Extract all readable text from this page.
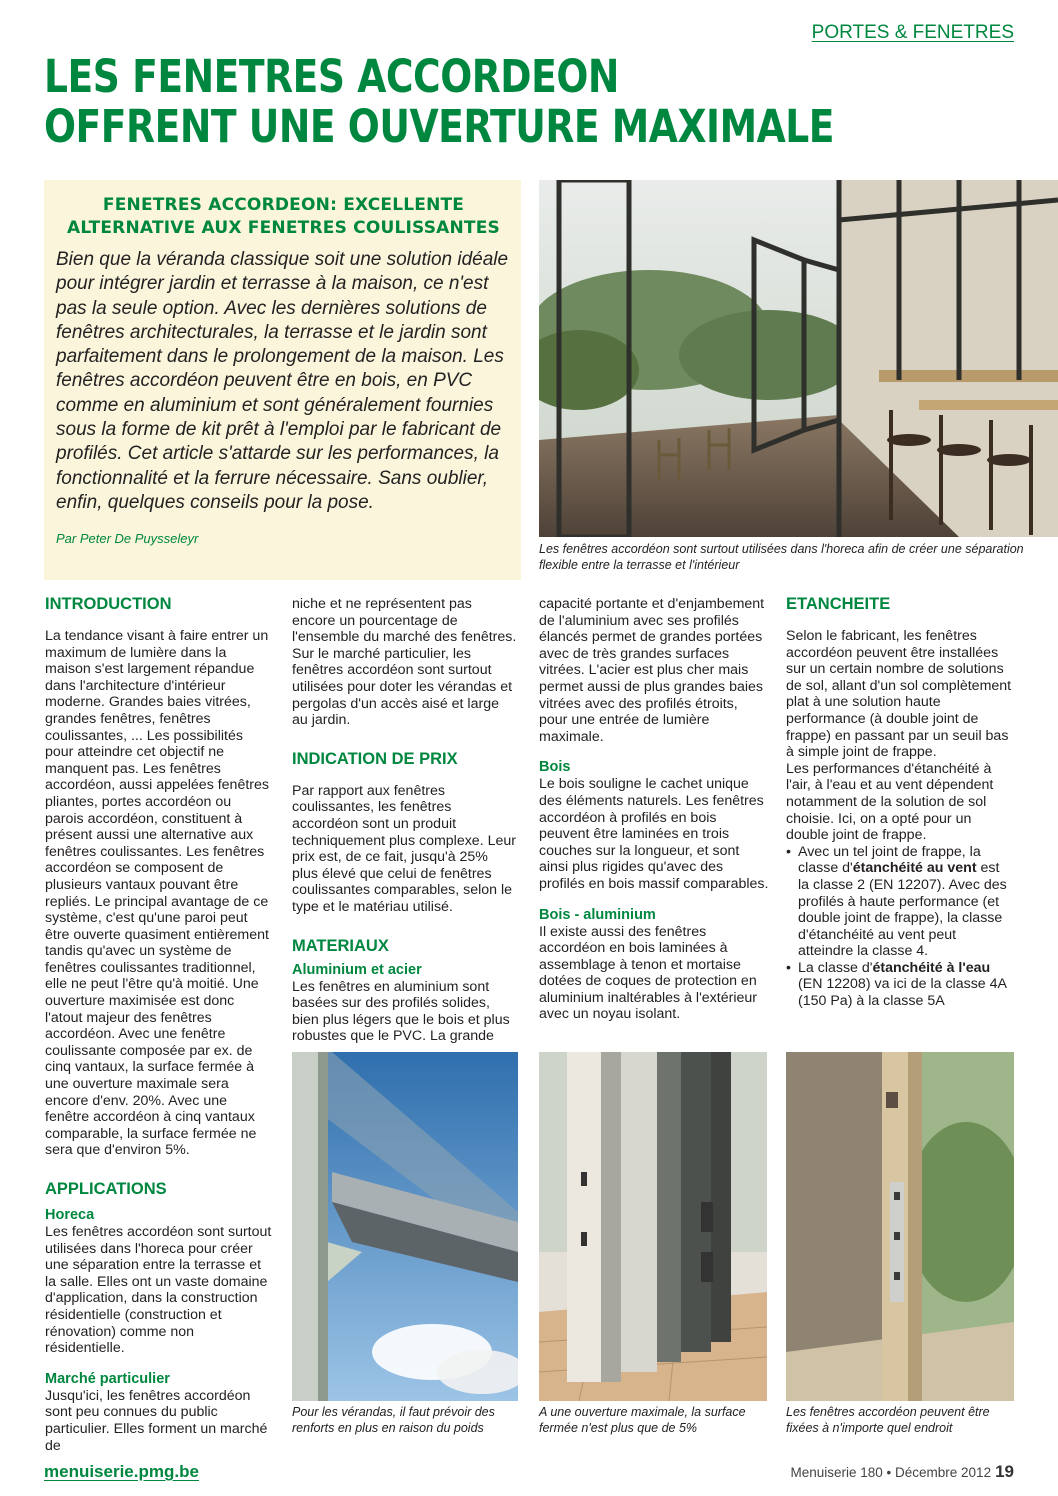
PORTES & FENETRES
LES FENETRES ACCORDEON
OFFRENT UNE OUVERTURE MAXIMALE
FENETRES ACCORDEON: EXCELLENTE
ALTERNATIVE AUX FENETRES COULISSANTES

Bien que la véranda classique soit une solution idéale pour intégrer jardin et terrasse à la maison, ce n'est pas la seule option. Avec les dernières solutions de fenêtres architecturales, la terrasse et le jardin sont parfaitement dans le prolongement de la maison. Les fenêtres accordéon peuvent être en bois, en PVC comme en aluminium et sont généralement fournies sous la forme de kit prêt à l'emploi par le fabricant de profilés. Cet article s'attarde sur les performances, la fonctionnalité et la ferrure nécessaire. Sans oublier, enfin, quelques conseils pour la pose.

Par Peter De Puysseleyr

Les fenêtres accordéon sont surtout utilisées dans l'horeca afin de créer une séparation flexible entre la terrasse et l'intérieur

INTRODUCTION

La tendance visant à faire entrer un maximum de lumière dans la maison s'est largement répandue dans l'architecture d'intérieur moderne. Grandes baies vitrées, grandes fenêtres, fenêtres coulissantes, ... Les possibilités pour atteindre cet objectif ne manquent pas. Les fenêtres accordéon, aussi appelées fenêtres pliantes, portes accordéon ou parois accordéon, constituent à présent aussi une alternative aux fenêtres coulissantes. Les fenêtres accordéon se composent de plusieurs vantaux pouvant être repliés. Le principal avantage de ce système, c'est qu'une paroi peut être ouverte quasiment entièrement tandis qu'avec un système de fenêtres coulissantes traditionnel, elle ne peut l'être qu'à moitié. Une ouverture maximisée est donc l'atout majeur des fenêtres accordéon. Avec une fenêtre coulissante composée par ex. de cinq vantaux, la surface fermée à une ouverture maximale sera encore d'env. 20%. Avec une fenêtre accordéon à cinq vantaux comparable, la surface fermée ne sera que d'environ 5%.

APPLICATIONS
Horeca

Les fenêtres accordéon sont surtout utilisées dans l'horeca pour créer une séparation entre la terrasse et la salle. Elles ont un vaste domaine d'application, dans la construction résidentielle (construction et rénovation) comme non résidentielle.

Marché particulier

Jusqu'ici, les fenêtres accordéon sont peu connues du public particulier. Elles forment un marché de

niche et ne représentent pas encore un pourcentage de l'ensemble du marché des fenêtres. Sur le marché particulier, les fenêtres accordéon sont surtout utilisées pour doter les vérandas et pergolas d'un accès aisé et large au jardin.

INDICATION DE PRIX

Par rapport aux fenêtres coulissantes, les fenêtres accordéon sont un produit techniquement plus complexe. Leur prix est, de ce fait, jusqu'à 25% plus élevé que celui de fenêtres coulissantes comparables, selon le type et le matériau utilisé.

MATERIAUX
Aluminium et acier

Les fenêtres en aluminium sont basées sur des profilés solides, bien plus légers que le bois et plus robustes que le PVC. La grande

capacité portante et d'enjambement de l'aluminium avec ses profilés élancés permet de grandes portées avec de très grandes surfaces vitrées. L'acier est plus cher mais permet aussi de plus grandes baies vitrées avec des profilés étroits, pour une entrée de lumière maximale.

Bois

Le bois souligne le cachet unique des éléments naturels. Les fenêtres accordéon à profilés en bois peuvent être laminées en trois couches sur la longueur, et sont ainsi plus rigides qu'avec des profilés en bois massif comparables.

Bois - aluminium

Il existe aussi des fenêtres accordéon en bois laminées à assemblage à tenon et mortaise dotées de coques de protection en aluminium inaltérables à l'extérieur avec un noyau isolant.

ETANCHEITE

Selon le fabricant, les fenêtres accordéon peuvent être installées sur un certain nombre de solutions de sol, allant d'un sol complètement plat à une solution haute performance (à double joint de frappe) en passant par un seuil bas à simple joint de frappe.

Les performances d'étanchéité à l'air, à l'eau et au vent dépendent notamment de la solution de sol choisie. Ici, on a opté pour un double joint de frappe.

• Avec un tel joint de frappe, la classe d'étanchéité au vent est la classe 2 (EN 12207). Avec des profilés à haute performance (et double joint de frappe), la classe d'étanchéité au vent peut atteindre la classe 4.
• La classe d'étanchéité à l'eau (EN 12208) va ici de la classe 4A (150 Pa) à la classe 5A

Pour les vérandas, il faut prévoir des renforts en plus en raison du poids

A une ouverture maximale, la surface fermée n'est plus que de 5%

Les fenêtres accordéon peuvent être fixées à n'importe quel endroit

menuiserie.pmg.be	Menuiserie 180 • Décembre 2012 19
